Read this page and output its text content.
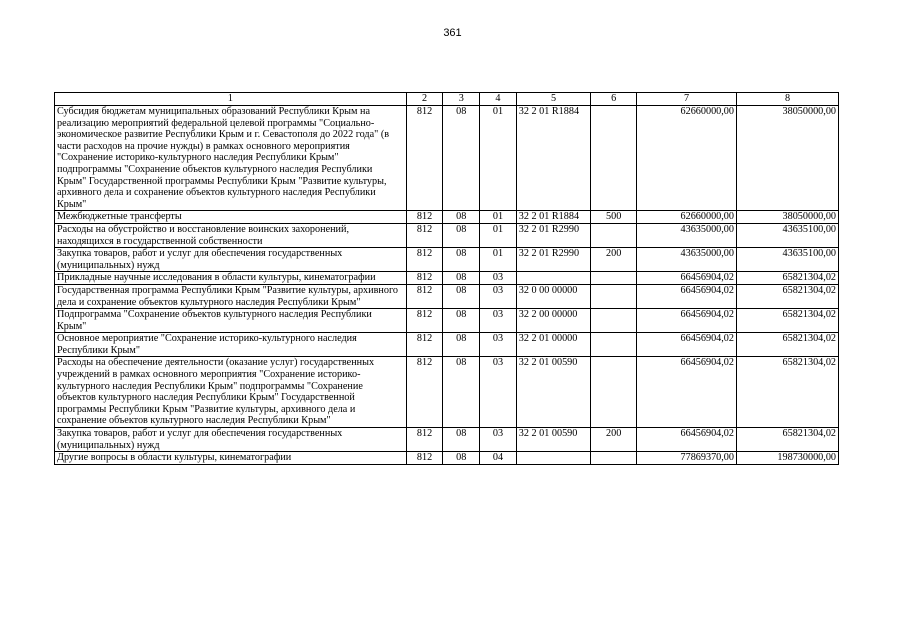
361
1	2	3	4	5	6	7	8
Субсидия бюджетам муниципальных образований Республики Крым на реализацию мероприятий федеральной целевой программы "Социально-экономическое развитие Республики Крым и г. Севастополя до 2022 года" (в части расходов на прочие нужды) в рамках основного мероприятия "Сохранение историко-культурного наследия Республики Крым" подпрограммы "Сохранение объектов культурного наследия Республики Крым" Государственной программы Республики Крым "Развитие культуры, архивного дела и сохранение объектов культурного наследия Республики Крым"	812	08	01	32 2 01 R1884		62660000,00	38050000,00
Межбюджетные трансферты	812	08	01	32 2 01 R1884	500	62660000,00	38050000,00
Расходы на обустройство и восстановление воинских захоронений, находящихся в государственной собственности	812	08	01	32 2 01 R2990		43635000,00	43635100,00
Закупка товаров, работ и услуг для обеспечения государственных (муниципальных) нужд	812	08	01	32 2 01 R2990	200	43635000,00	43635100,00
Прикладные научные исследования в области культуры, кинематографии	812	08	03			66456904,02	65821304,02
Государственная программа Республики Крым "Развитие культуры, архивного дела и сохранение объектов культурного наследия Республики Крым"	812	08	03	32 0 00 00000		66456904,02	65821304,02
Подпрограмма "Сохранение объектов культурного наследия Республики Крым"	812	08	03	32 2 00 00000		66456904,02	65821304,02
Основное мероприятие "Сохранение историко-культурного наследия Республики Крым"	812	08	03	32 2 01 00000		66456904,02	65821304,02
Расходы на обеспечение деятельности (оказание услуг) государственных учреждений в рамках основного мероприятия "Сохранение историко-культурного наследия Республики Крым" подпрограммы "Сохранение объектов культурного наследия Республики Крым" Государственной программы Республики Крым "Развитие культуры, архивного дела и сохранение объектов культурного наследия Республики Крым"	812	08	03	32 2 01 00590		66456904,02	65821304,02
Закупка товаров, работ и услуг для обеспечения государственных (муниципальных) нужд	812	08	03	32 2 01 00590	200	66456904,02	65821304,02
Другие вопросы в области культуры, кинематографии	812	08	04			77869370,00	198730000,00
